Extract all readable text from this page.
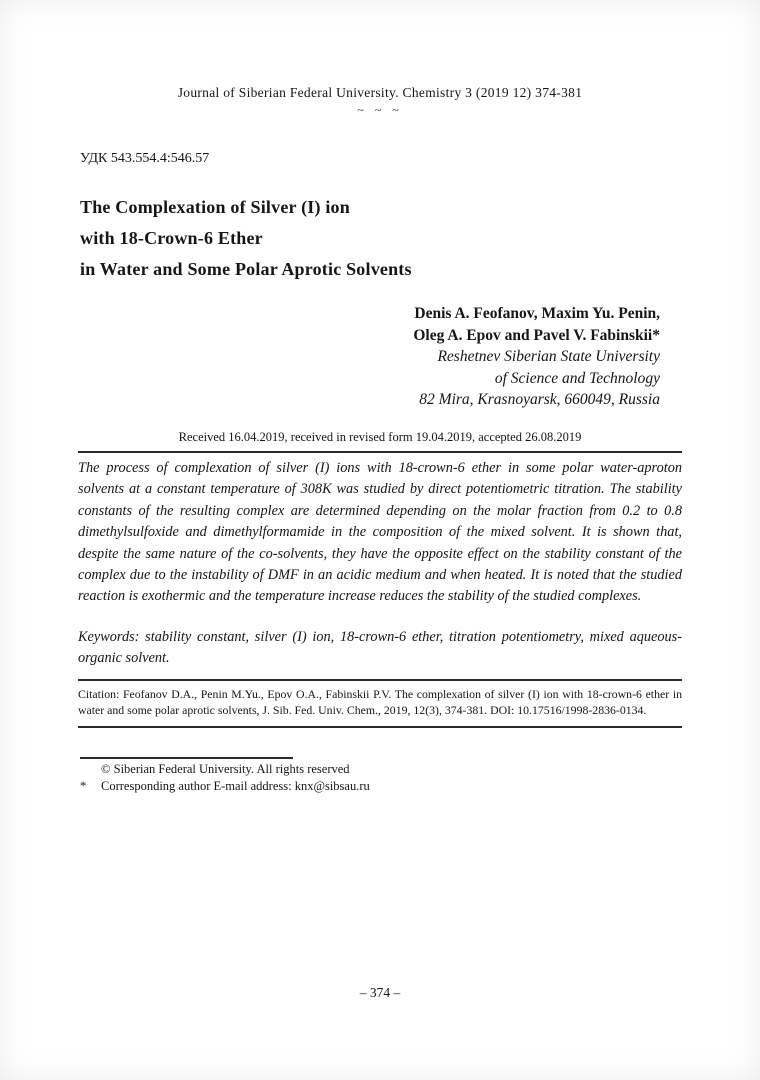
Journal of Siberian Federal University. Chemistry 3 (2019 12) 374-381
~ ~ ~
УДК 543.554.4:546.57
The Complexation of Silver (I) ion
with 18-Crown-6 Ether
in Water and Some Polar Aprotic Solvents
Denis A. Feofanov, Maxim Yu. Penin,
Oleg A. Epov and Pavel V. Fabinskii*
Reshetnev Siberian State University
of Science and Technology
82 Mira, Krasnoyarsk, 660049, Russia
Received 16.04.2019, received in revised form 19.04.2019, accepted 26.08.2019
The process of complexation of silver (I) ions with 18-crown-6 ether in some polar water-aproton
solvents at a constant temperature of 308K was studied by direct potentiometric titration. The stability
constants of the resulting complex are determined depending on the molar fraction from 0.2 to 0.8
dimethylsulfoxide and dimethylformamide in the composition of the mixed solvent. It is shown that,
despite the same nature of the co-solvents, they have the opposite effect on the stability constant of the
complex due to the instability of DMF in an acidic medium and when heated. It is noted that the studied
reaction is exothermic and the temperature increase reduces the stability of the studied complexes.
Keywords: stability constant, silver (I) ion, 18-crown-6 ether, titration potentiometry, mixed aqueous-
organic solvent.
Citation: Feofanov D.A., Penin M.Yu., Epov O.A., Fabinskii P.V. The complexation of silver (I) ion with 18-crown-6 ether in
water and some polar aprotic solvents, J. Sib. Fed. Univ. Chem., 2019, 12(3), 374-381. DOI: 10.17516/1998-2836-0134.
© Siberian Federal University. All rights reserved
* Corresponding author E-mail address: knx@sibsau.ru
– 374 –
